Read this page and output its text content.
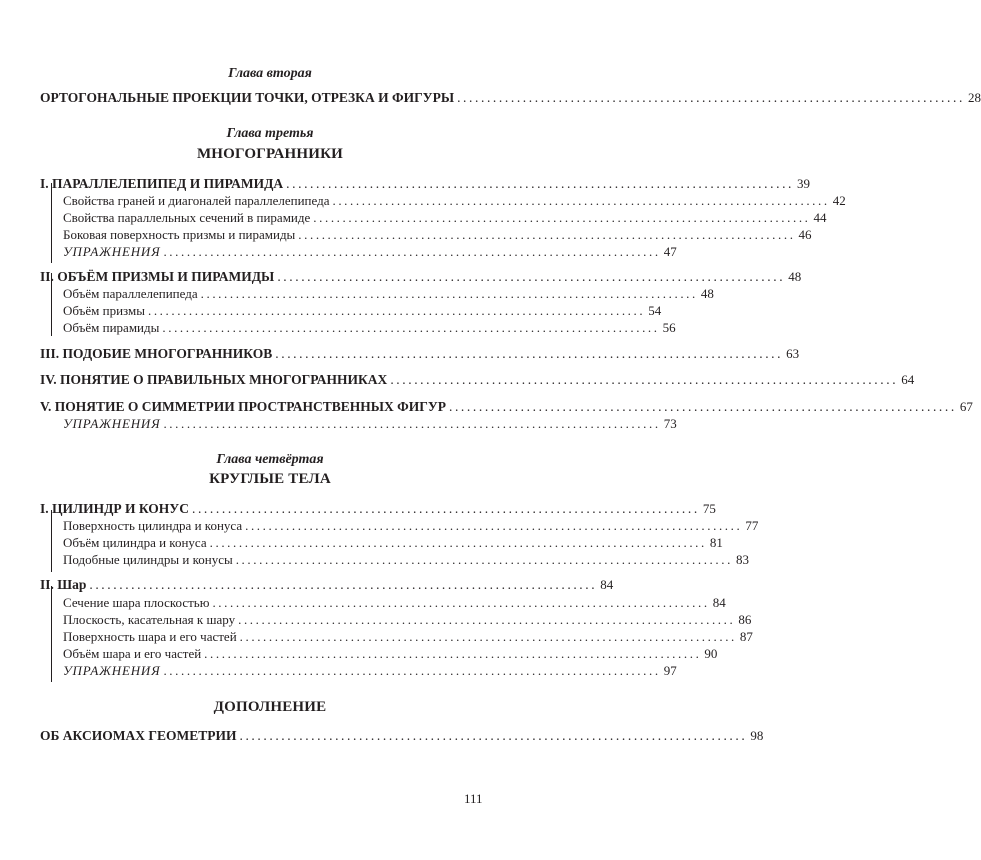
Глава вторая
ОРТОГОНАЛЬНЫЕ ПРОЕКЦИИ ТОЧКИ, ОТРЕЗКА И ФИГУРЫ ..................................................................................... 28
Глава третья
МНОГОГРАННИКИ
I. ПАРАЛЛЕЛЕПИПЕД И ПИРАМИДА ..................................................................................... 39
Свойства граней и диагоналей параллелепипеда ..................................................................................... 42
Свойства параллельных сечений в пирамиде ..................................................................................... 44
Боковая поверхность призмы и пирамиды ..................................................................................... 46
УПРАЖНЕНИЯ ..................................................................................... 47
II. ОБЪЁМ ПРИЗМЫ И ПИРАМИДЫ ..................................................................................... 48
Объём параллелепипеда ..................................................................................... 48
Объём призмы ..................................................................................... 54
Объём пирамиды ..................................................................................... 56
III. ПОДОБИЕ МНОГОГРАННИКОВ ..................................................................................... 63
IV. ПОНЯТИЕ О ПРАВИЛЬНЫХ МНОГОГРАННИКАХ ..................................................................................... 64
V. ПОНЯТИЕ О СИММЕТРИИ ПРОСТРАНСТВЕННЫХ ФИГУР ..................................................................................... 67
УПРАЖНЕНИЯ ..................................................................................... 73
Глава четвёртая
КРУГЛЫЕ ТЕЛА
I. ЦИЛИНДР И КОНУС ..................................................................................... 75
Поверхность цилиндра и конуса ..................................................................................... 77
Объём цилиндра и конуса ..................................................................................... 81
Подобные цилиндры и конусы ..................................................................................... 83
II. Шар ..................................................................................... 84
Сечение шара плоскостью ..................................................................................... 84
Плоскость, касательная к шару ..................................................................................... 86
Поверхность шара и его частей ..................................................................................... 87
Объём шара и его частей ..................................................................................... 90
УПРАЖНЕНИЯ ..................................................................................... 97
ДОПОЛНЕНИЕ
ОБ АКСИОМАХ ГЕОМЕТРИИ ..................................................................................... 98
111
